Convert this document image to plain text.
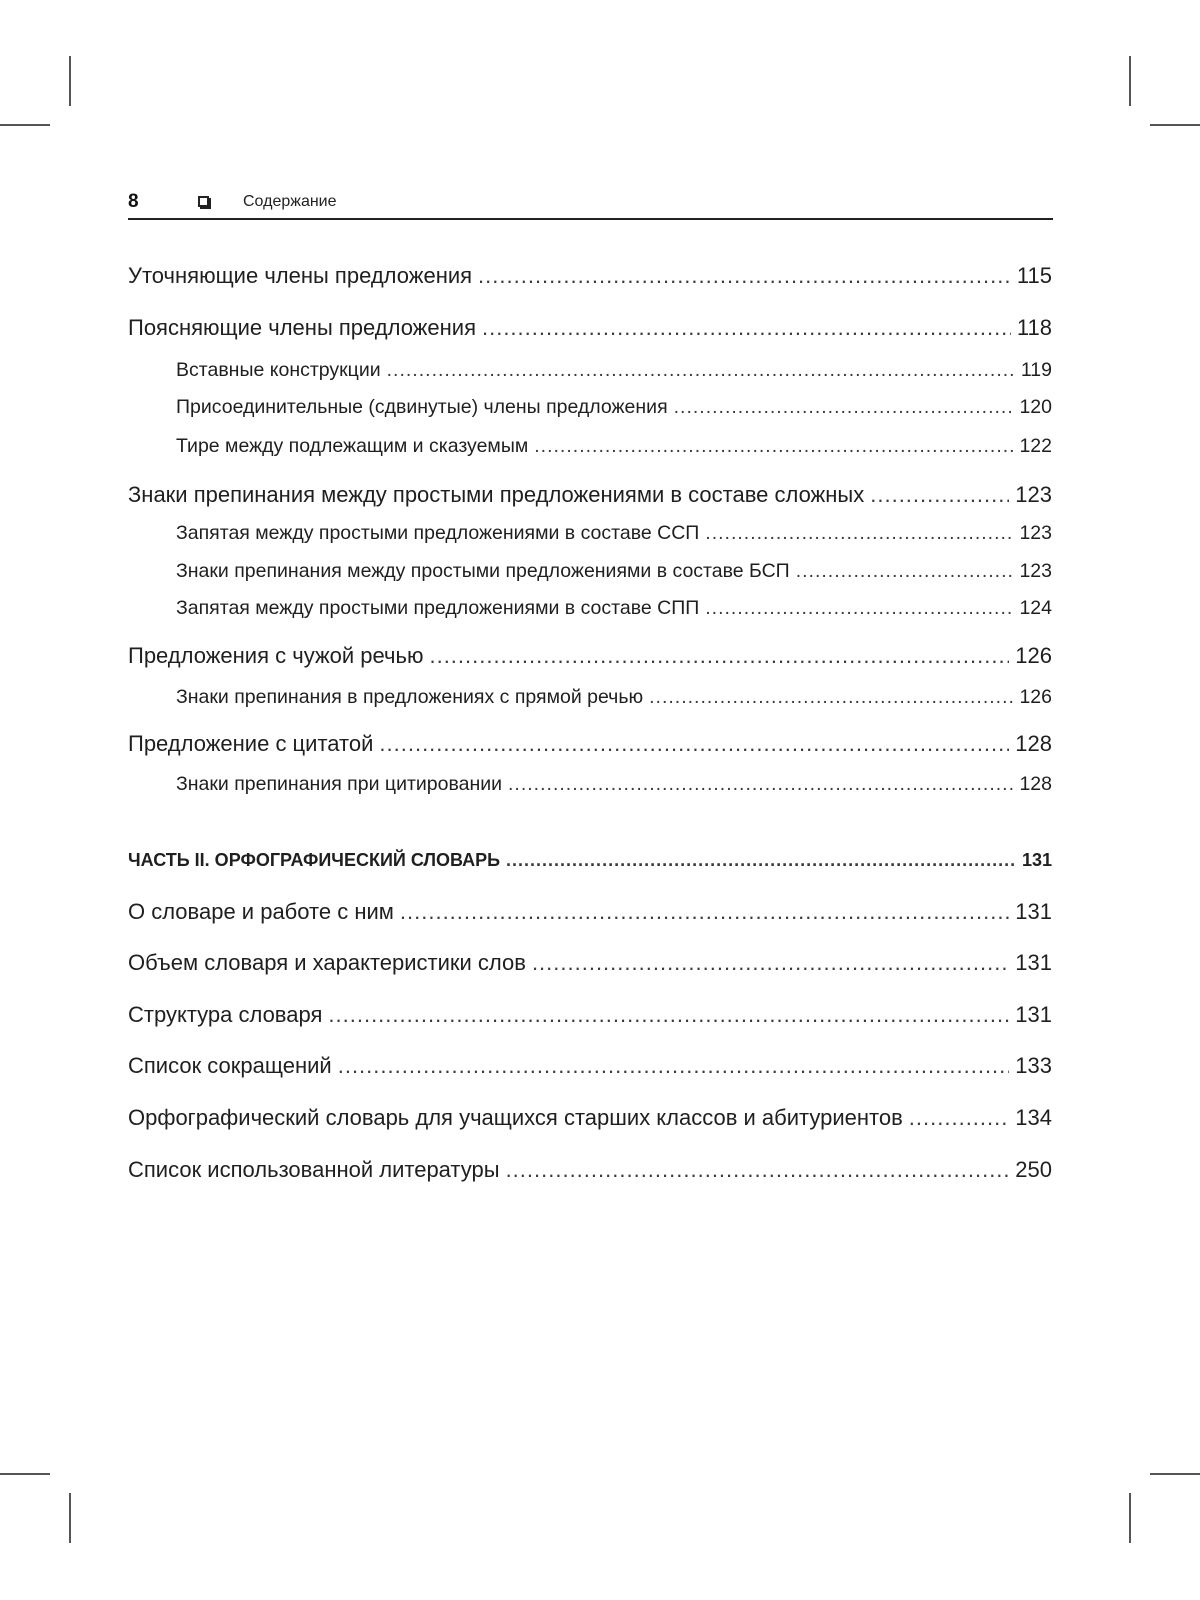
8	Содержание
Уточняющие члены предложения .....	115
Поясняющие члены предложения .....	118
Вставные конструкции .....	119
Присоединительные (сдвинутые) члены предложения .....	120
Тире между подлежащим и сказуемым .....	122
Знаки препинания между простыми предложениями в составе сложных .....	123
Запятая между простыми предложениями в составе ССП .....	123
Знаки препинания между простыми предложениями в составе БСП .....	123
Запятая между простыми предложениями в составе СПП .....	124
Предложения с чужой речью .....	126
Знаки препинания в предложениях с прямой речью .....	126
Предложение с цитатой .....	128
Знаки препинания при цитировании .....	128
ЧАСТЬ II. ОРФОГРАФИЧЕСКИЙ СЛОВАРЬ .....	131
О словаре и работе с ним .....	131
Объем словаря и характеристики слов .....	131
Структура словаря .....	131
Список сокращений .....	133
Орфографический словарь для учащихся старших классов и абитуриентов .....	134
Список использованной литературы .....	250
